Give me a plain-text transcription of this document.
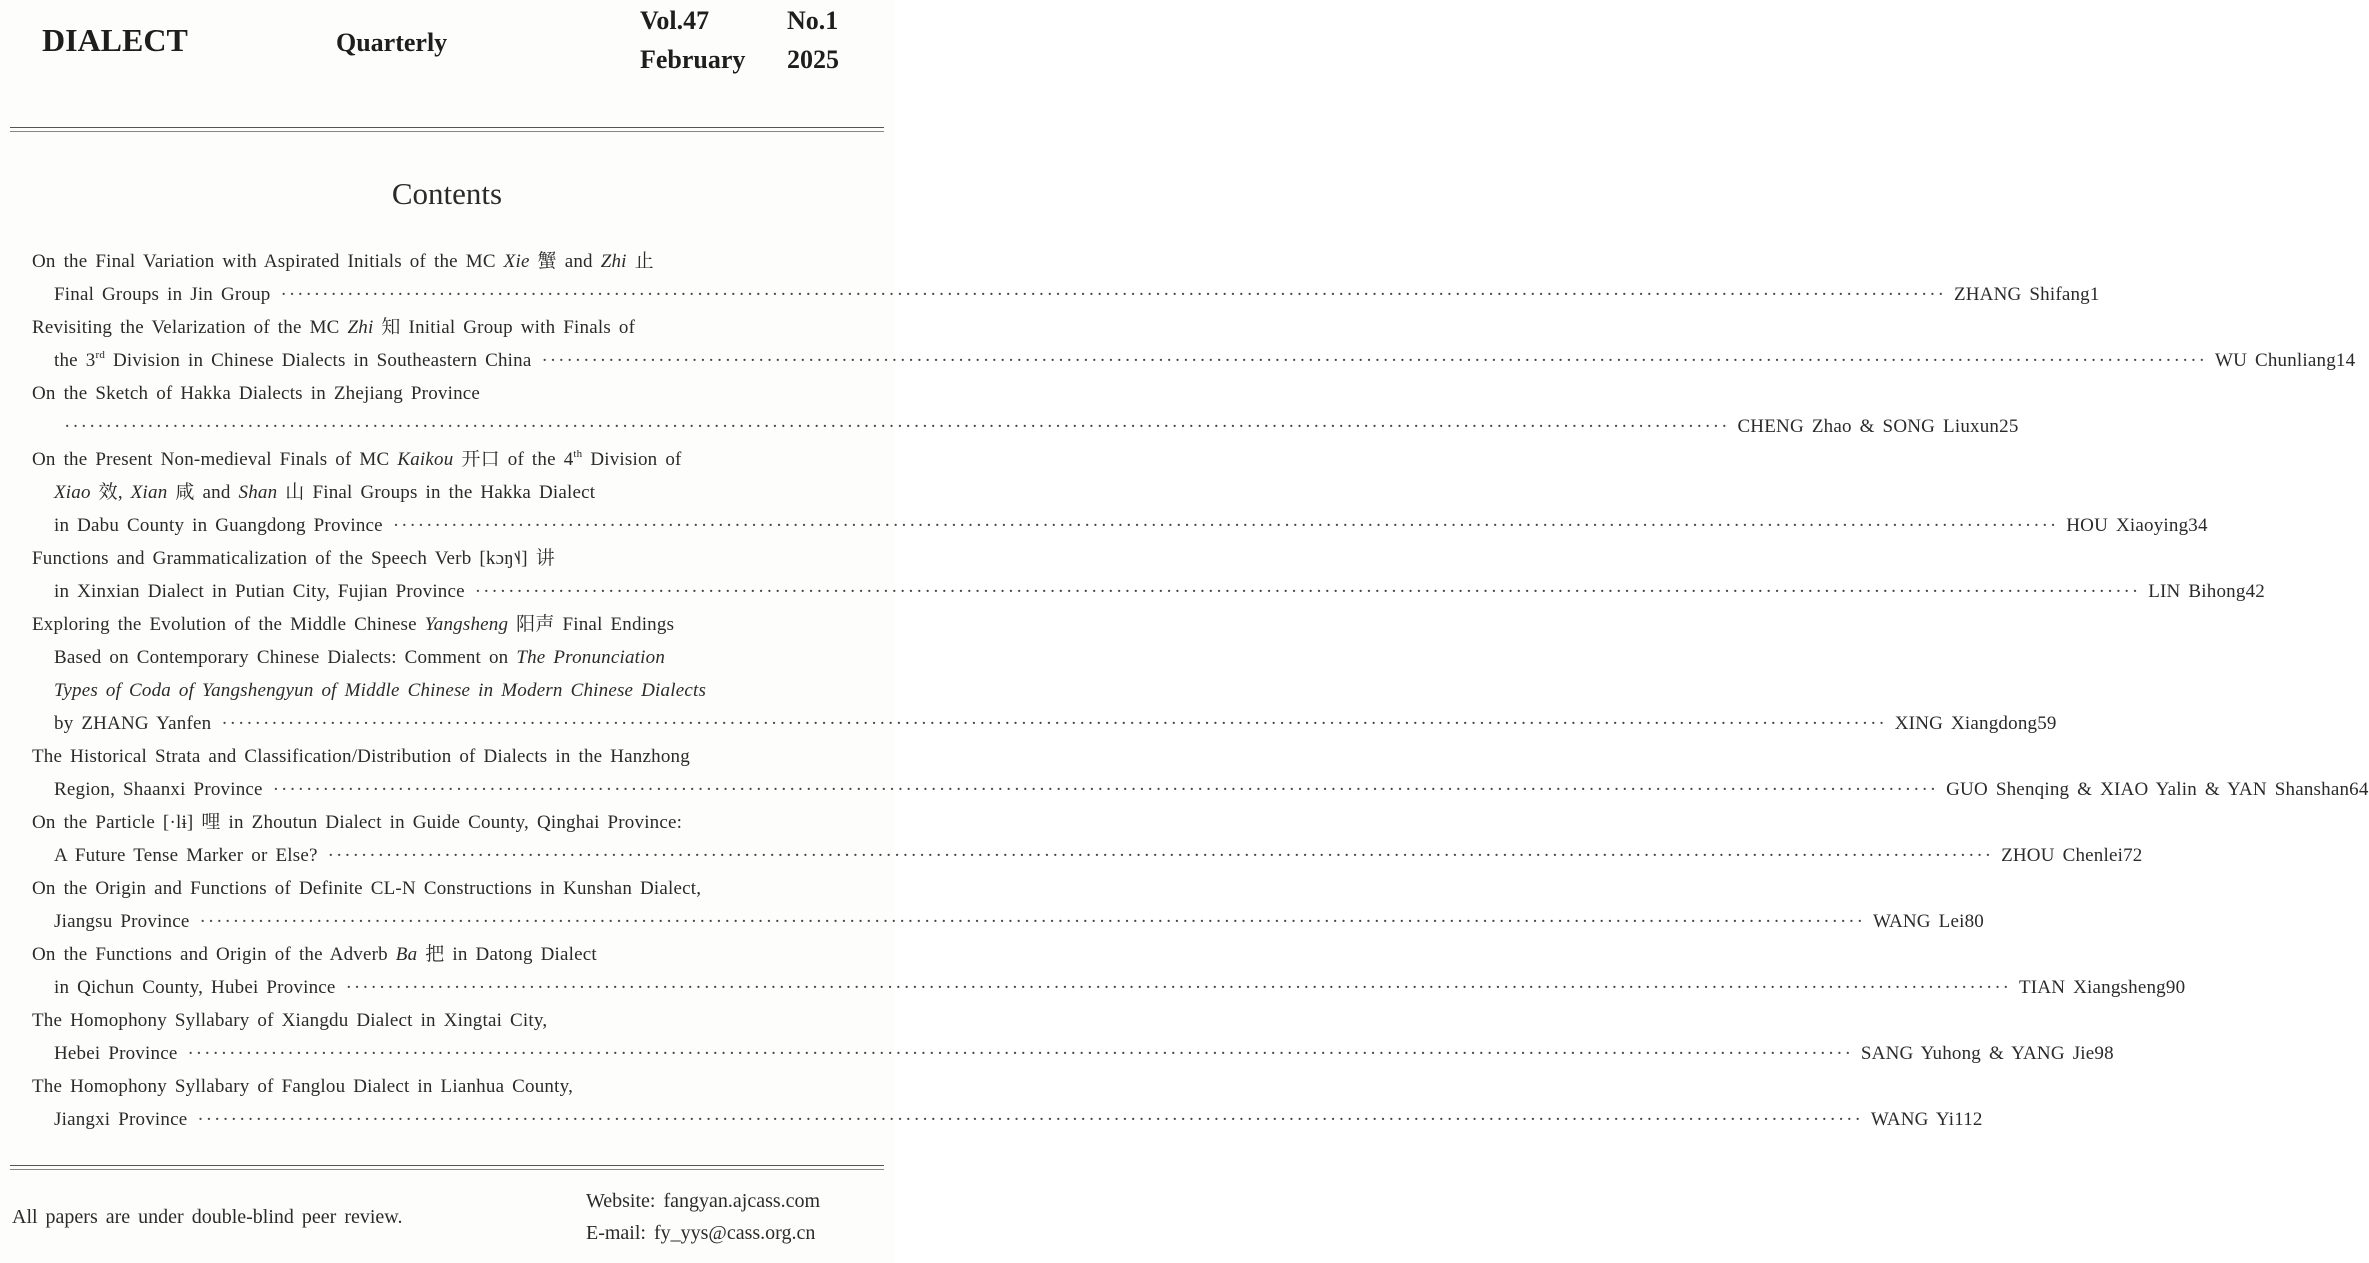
DIALECT	Quarterly
Vol.47	No.1
February 2025
Contents
On the Final Variation with Aspirated Initials of the MC Xie 蟹 and Zhi 止
Final Groups in Jin Group ········································································································································································································ ZHANG Shifang 1
Revisiting the Velarization of the MC Zhi 知 Initial Group with Finals of
the 3rd Division in Chinese Dialects in Southeastern China ········································································································································································································ WU Chunliang 14
On the Sketch of Hakka Dialects in Zhejiang Province
········································································································································································································ CHENG Zhao & SONG Liuxun 25
On the Present Non-medieval Finals of MC Kaikou 开口 of the 4th Division of
Xiao 效, Xian 咸 and Shan 山 Final Groups in the Hakka Dialect
in Dabu County in Guangdong Province ········································································································································································································ HOU Xiaoying 34
Functions and Grammaticalization of the Speech Verb [kɔŋ˦˨] 讲
in Xinxian Dialect in Putian City, Fujian Province ········································································································································································································ LIN Bihong 42
Exploring the Evolution of the Middle Chinese Yangsheng 阳声 Final Endings
Based on Contemporary Chinese Dialects: Comment on The Pronunciation
Types of Coda of Yangshengyun of Middle Chinese in Modern Chinese Dialects
by ZHANG Yanfen ········································································································································································································ XING Xiangdong 59
The Historical Strata and Classification/Distribution of Dialects in the Hanzhong
Region, Shaanxi Province ········································································································································································································ GUO Shenqing & XIAO Yalin & YAN Shanshan 64
On the Particle [·lɨ] 哩 in Zhoutun Dialect in Guide County, Qinghai Province:
A Future Tense Marker or Else? ········································································································································································································ ZHOU Chenlei 72
On the Origin and Functions of Definite CL-N Constructions in Kunshan Dialect,
Jiangsu Province ········································································································································································································ WANG Lei 80
On the Functions and Origin of the Adverb Ba 把 in Datong Dialect
in Qichun County, Hubei Province ········································································································································································································ TIAN Xiangsheng 90
The Homophony Syllabary of Xiangdu Dialect in Xingtai City,
Hebei Province ········································································································································································································ SANG Yuhong & YANG Jie 98
The Homophony Syllabary of Fanglou Dialect in Lianhua County,
Jiangxi Province ········································································································································································································ WANG Yi 112
All papers are under double-blind peer review.
Website: fangyan.ajcass.com
E-mail: fy_yys@cass.org.cn
